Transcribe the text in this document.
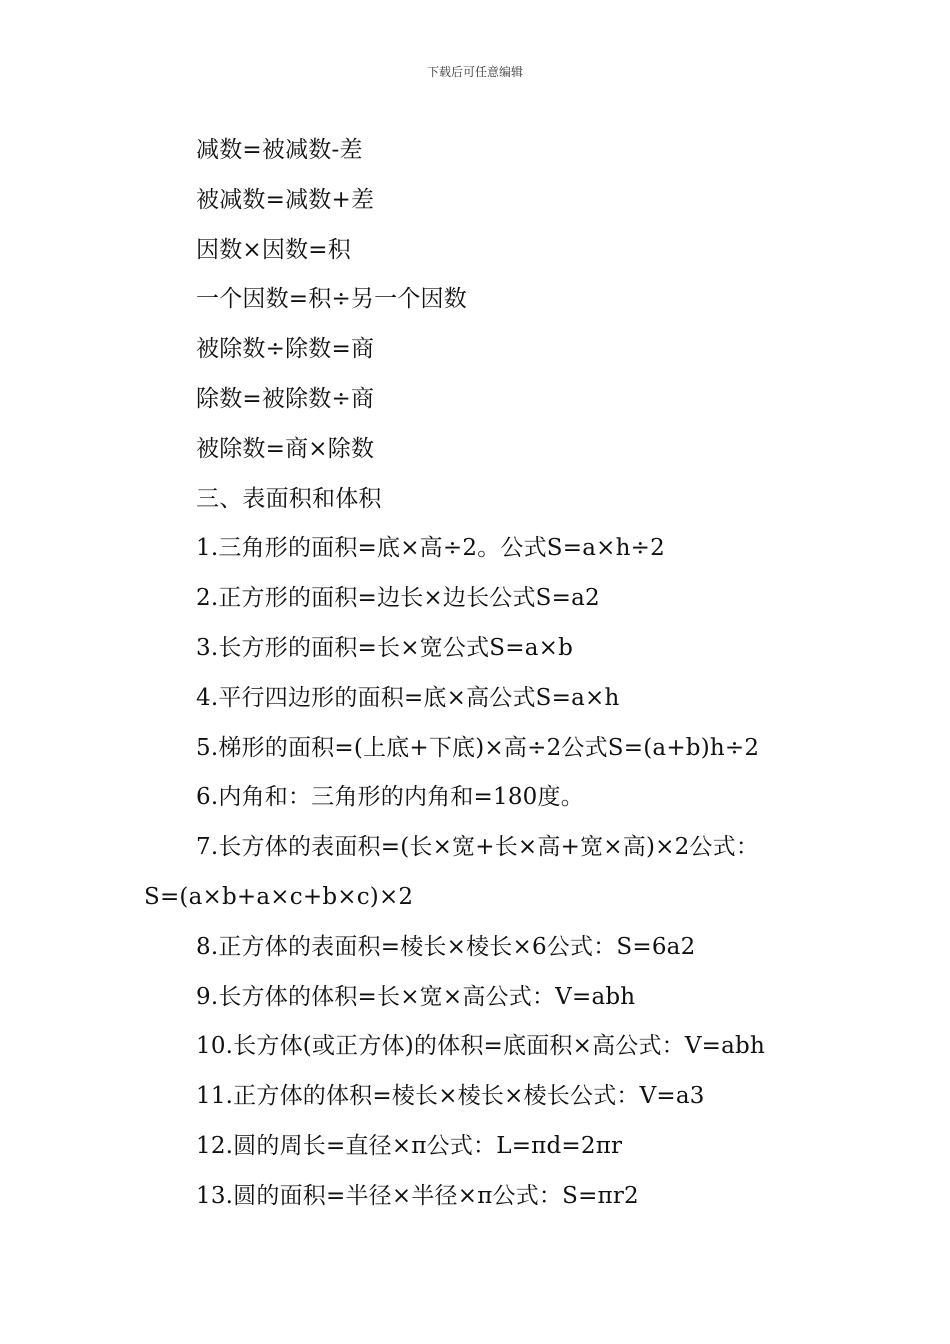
下载后可任意编辑
减数=被减数-差
被减数=减数+差
因数×因数=积
一个因数=积÷另一个因数
被除数÷除数=商
除数=被除数÷商
被除数=商×除数
三、表面积和体积
1.三角形的面积=底×高÷2。公式S=a×h÷2
2.正方形的面积=边长×边长公式S=a2
3.长方形的面积=长×宽公式S=a×b
4.平行四边形的面积=底×高公式S=a×h
5.梯形的面积=(上底+下底)×高÷2公式S=(a+b)h÷2
6.内角和：三角形的内角和=180度。
7.长方体的表面积=(长×宽+长×高+宽×高)×2公式：
S=(a×b+a×c+b×c)×2
8.正方体的表面积=棱长×棱长×6公式：S=6a2
9.长方体的体积=长×宽×高公式：V=abh
10.长方体(或正方体)的体积=底面积×高公式：V=abh
11.正方体的体积=棱长×棱长×棱长公式：V=a3
12.圆的周长=直径×π公式：L=πd=2πr
13.圆的面积=半径×半径×π公式：S=πr2
